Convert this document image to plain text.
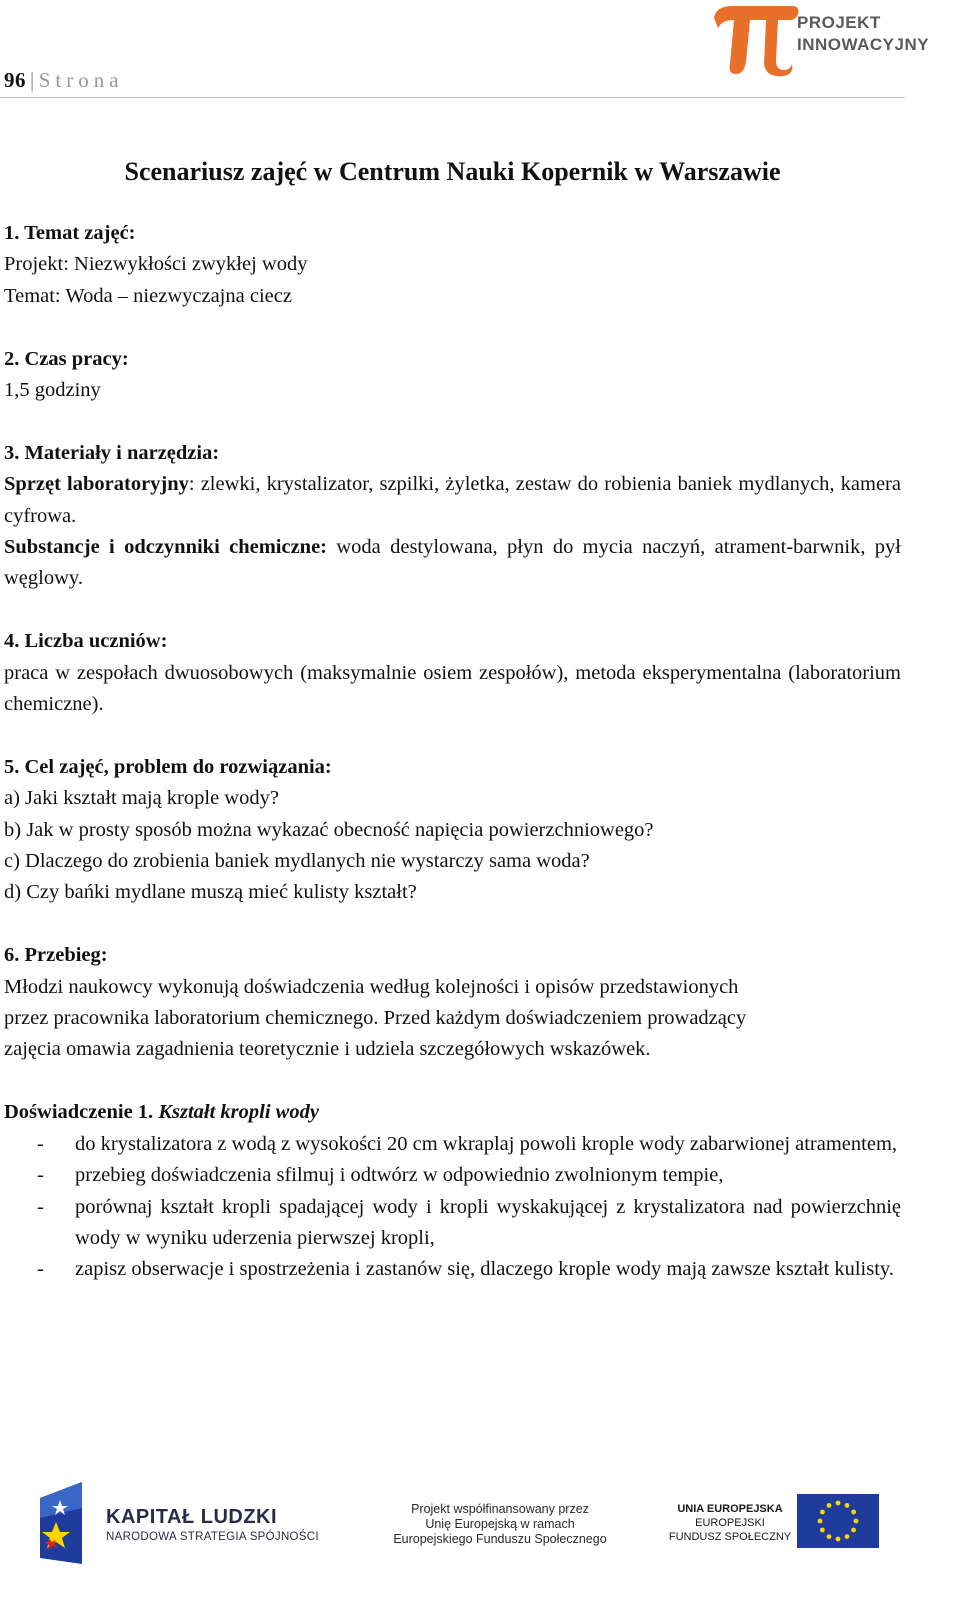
96 | Strona
PROJEKT
INNOWACYJNY
Scenariusz zajęć w Centrum Nauki Kopernik w Warszawie

1. Temat zajęć:

Projekt: Niezwykłości zwykłej wody

Temat: Woda – niezwyczajna ciecz

2. Czas pracy:

1,5 godziny

3. Materiały i narzędzia:

Sprzęt laboratoryjny: zlewki, krystalizator, szpilki, żyletka, zestaw do robienia baniek mydlanych, kamera cyfrowa.

Substancje i odczynniki chemiczne: woda destylowana, płyn do mycia naczyń, atrament-barwnik, pył węglowy.

4. Liczba uczniów:

praca w zespołach dwuosobowych (maksymalnie osiem zespołów), metoda eksperymentalna (laboratorium chemiczne).

5. Cel zajęć, problem do rozwiązania:

a) Jaki kształt mają krople wody?

b) Jak w prosty sposób można wykazać obecność napięcia powierzchniowego?

c) Dlaczego do zrobienia baniek mydlanych nie wystarczy sama woda?

d) Czy bańki mydlane muszą mieć kulisty kształt?

6. Przebieg:

Młodzi naukowcy wykonują doświadczenia według kolejności i opisów przedstawionych

przez pracownika laboratorium chemicznego. Przed każdym doświadczeniem prowadzący

zajęcia omawia zagadnienia teoretycznie i udziela szczegółowych wskazówek.

Doświadczenie 1. Kształt kropli wody

- do krystalizatora z wodą z wysokości 20 cm wkraplaj powoli krople wody zabarwionej atramentem,
- przebieg doświadczenia sfilmuj i odtwórz w odpowiednio zwolnionym tempie,
- porównaj kształt kropli spadającej wody i kropli wyskakującej z krystalizatora nad powierzchnię wody w wyniku uderzenia pierwszej kropli,
- zapisz obserwacje i spostrzeżenia i zastanów się, dlaczego krople wody mają zawsze kształt kulisty.
KAPITAŁ LUDZKI
NARODOWA STRATEGIA SPÓJNOŚCI
Projekt współfinansowany przez
Unię Europejską w ramach
Europejskiego Funduszu Społecznego
UNIA EUROPEJSKA
EUROPEJSKI
FUNDUSZ SPOŁECZNY
